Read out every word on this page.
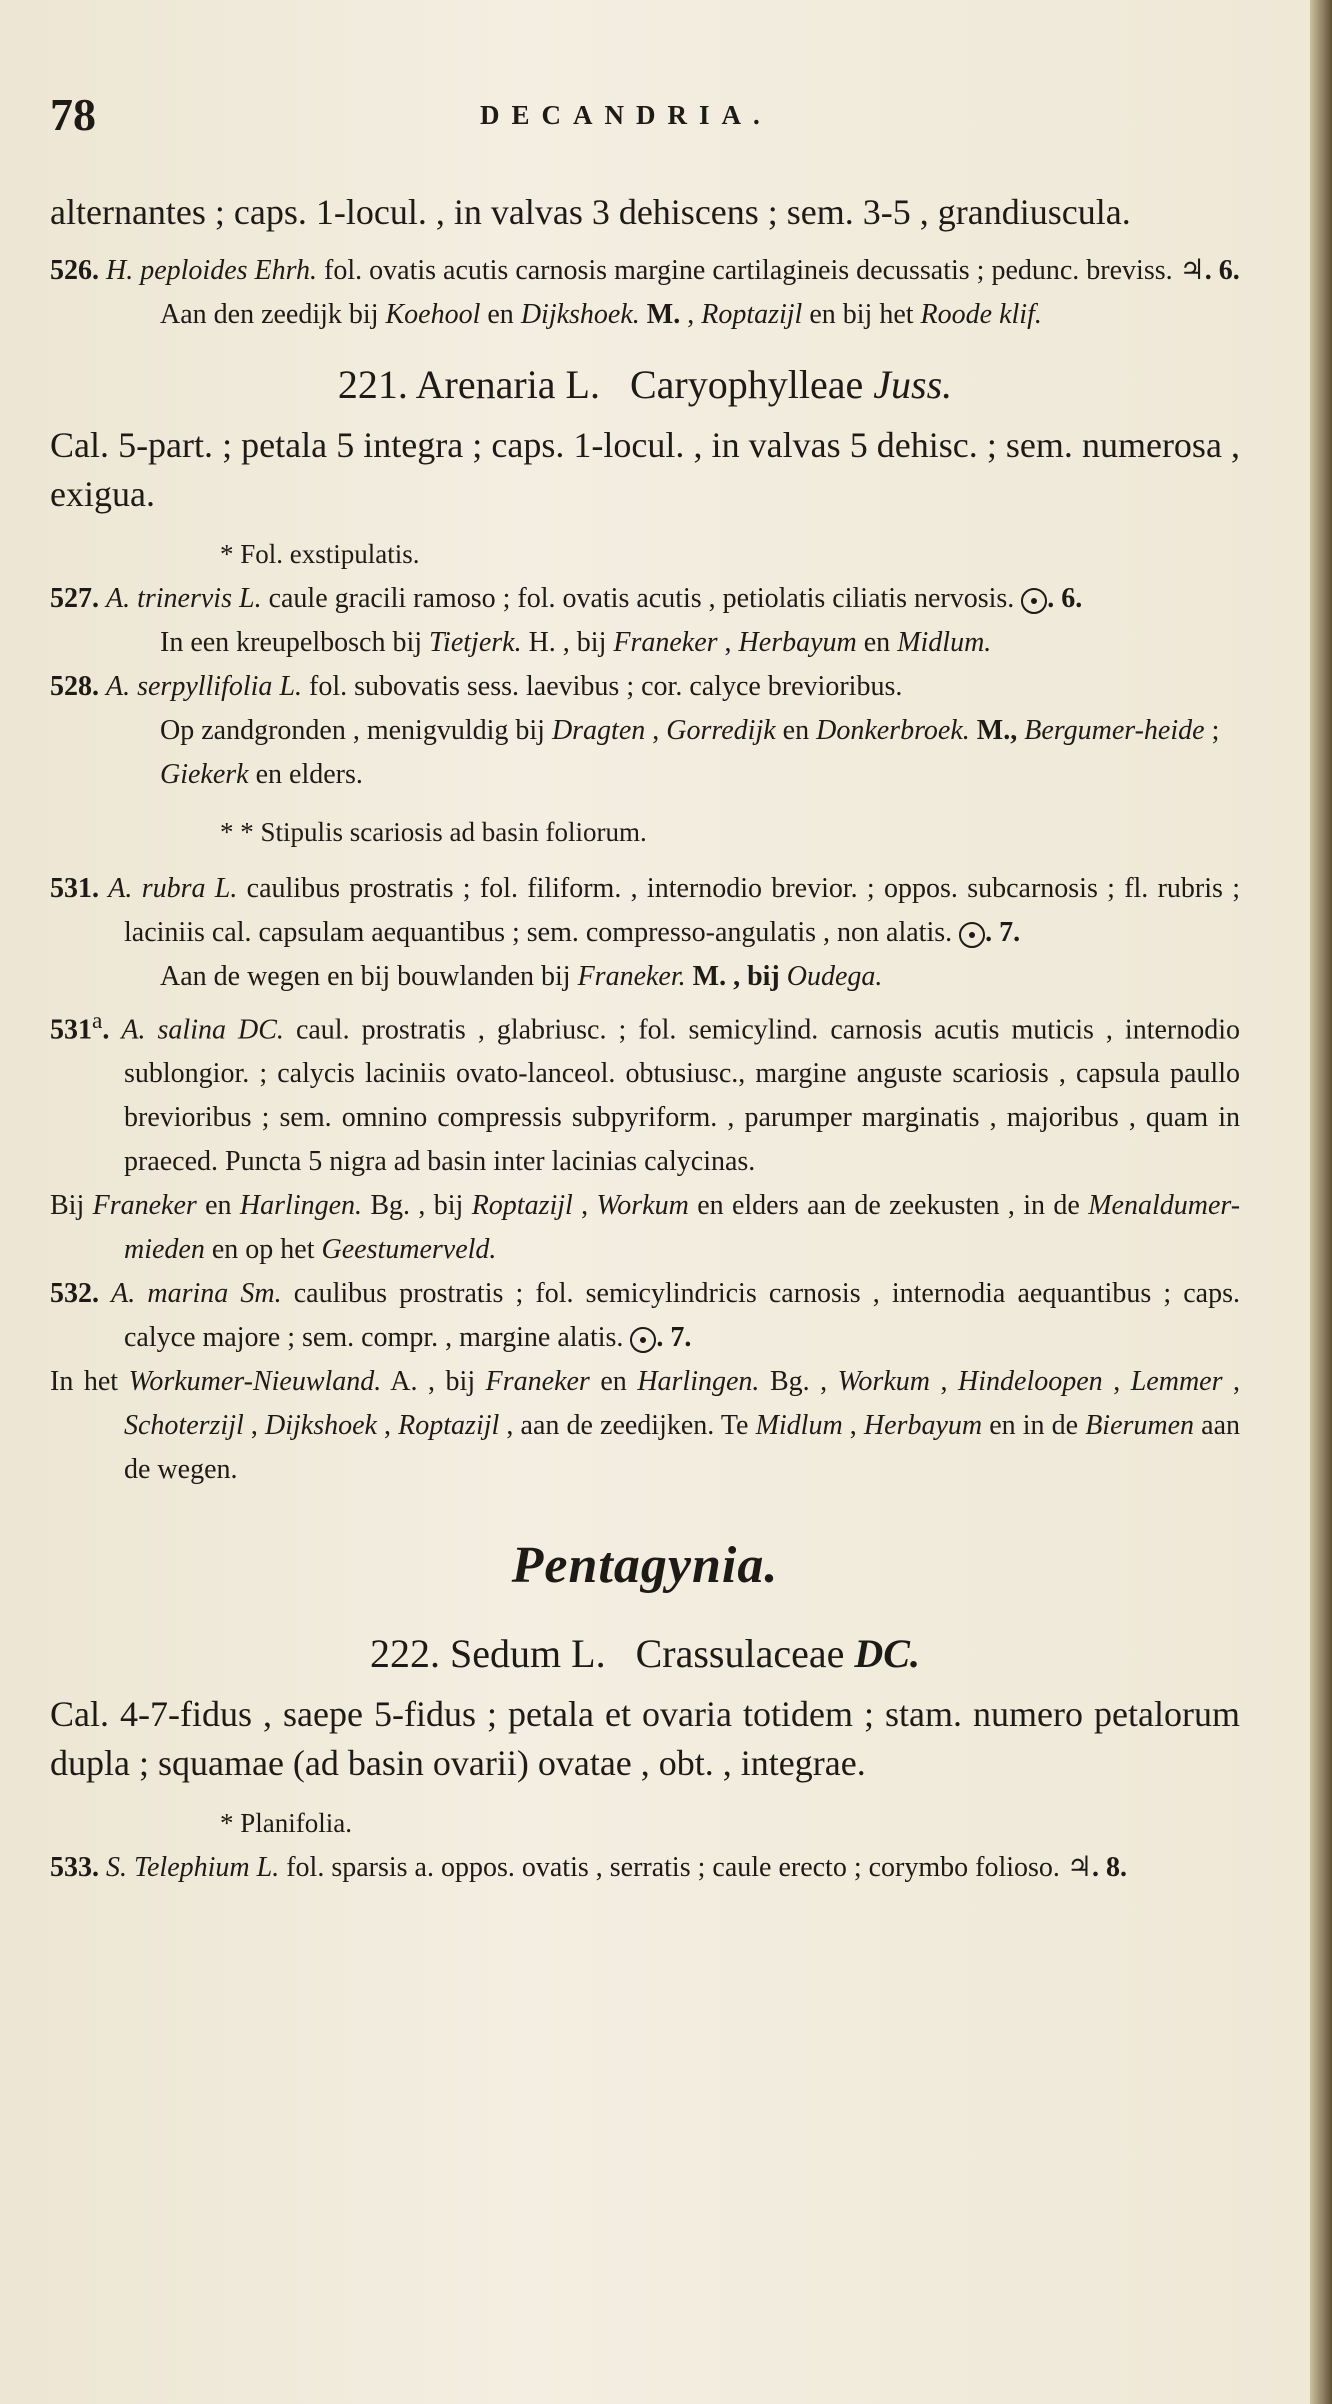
78	DECANDRIA.

alternantes ; caps. 1-locul. , in valvas 3 dehiscens ; sem. 3-5 , grandiuscula.

526. H. peploides Ehrh. fol. ovatis acutis carnosis margine cartilagineis decussatis ; pedunc. breviss. ♃. 6.

Aan den zeedijk bij Koehool en Dijkshoek. M. , Roptazijl en bij het Roode klif.

221. Arenaria L. Caryophylleae Juss.

Cal. 5-part. ; petala 5 integra ; caps. 1-locul. , in valvas 5 dehisc. ; sem. numerosa , exigua.

* Fol. exstipulatis.

527. A. trinervis L. caule gracili ramoso ; fol. ovatis acutis , petiolatis ciliatis nervosis. . 6.

In een kreupelbosch bij Tietjerk. H. , bij Franeker , Herbayum en Midlum.

528. A. serpyllifolia L. fol. subovatis sess. laevibus ; cor. calyce brevioribus.

Op zandgronden , menigvuldig bij Dragten , Gorredijk en Donkerbroek. M., Bergumer-heide ; Giekerk en elders.

* * Stipulis scariosis ad basin foliorum.

531. A. rubra L. caulibus prostratis ; fol. filiform. , internodio brevior. ; oppos. subcarnosis ; fl. rubris ; laciniis cal. capsulam aequantibus ; sem. compresso-angulatis , non alatis. . 7.

Aan de wegen en bij bouwlanden bij Franeker. M. , bij Oudega.

531$^a$. A. salina DC. caul. prostratis , glabriusc. ; fol. semicylind. carnosis acutis muticis , internodio sublongior. ; calycis laciniis ovato-lanceol. obtusiusc., margine anguste scariosis , capsula paullo brevioribus ; sem. omnino compressis subpyriform. , parumper marginatis , majoribus , quam in praeced. Puncta 5 nigra ad basin inter lacinias calycinas.

Bij Franeker en Harlingen. Bg. , bij Roptazijl , Workum en elders aan de zeekusten , in de Menaldumer-mieden en op het Geestumerveld.

532. A. marina Sm. caulibus prostratis ; fol. semicylindricis carnosis , internodia aequantibus ; caps. calyce majore ; sem. compr. , margine alatis. . 7.

In het Workumer-Nieuwland. A. , bij Franeker en Harlingen. Bg. , Workum , Hindeloopen , Lemmer , Schoterzijl , Dijkshoek , Roptazijl , aan de zeedijken. Te Midlum , Herbayum en in de Bierumen aan de wegen.

Pentagynia.

222. Sedum L. Crassulaceae DC.

Cal. 4-7-fidus , saepe 5-fidus ; petala et ovaria totidem ; stam. numero petalorum dupla ; squamae (ad basin ovarii) ovatae , obt. , integrae.

* Planifolia.

533. S. Telephium L. fol. sparsis a. oppos. ovatis , serratis ; caule erecto ; corymbo folioso. ♃. 8.
